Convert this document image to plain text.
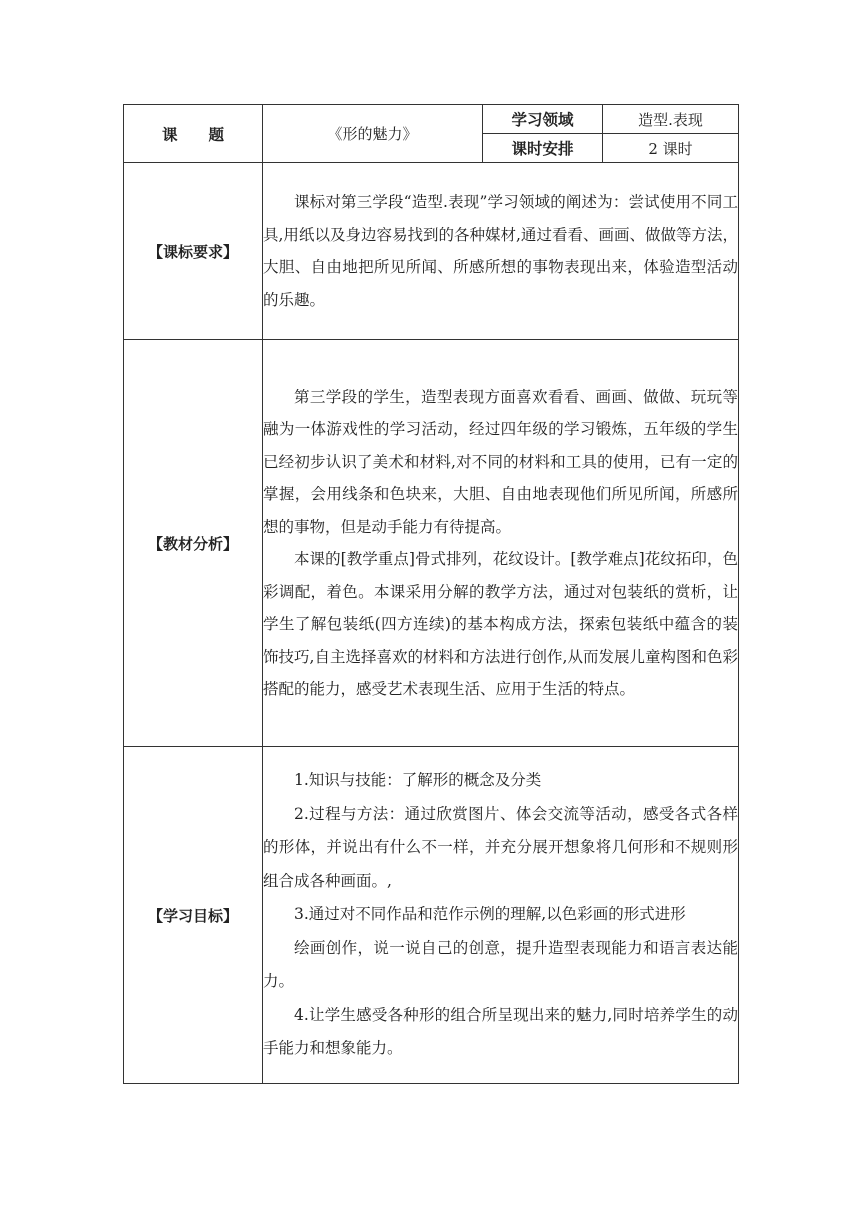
课　　题	《形的魅力》	学习领域	造型.表现
		课时安排	2 课时
【课标要求】	课标对第三学段“造型.表现”学习领域的阐述为：尝试使用不同工具,用纸以及身边容易找到的各种媒材,通过看看、画画、做做等方法，大胆、自由地把所见所闻、所感所想的事物表现出来，体验造型活动的乐趣。		

【教材分析】	第三学段的学生，造型表现方面喜欢看看、画画、做做、玩玩等融为一体游戏性的学习活动，经过四年级的学习锻炼，五年级的学生已经初步认识了美术和材料,对不同的材料和工具的使用，已有一定的掌握，会用线条和色块来，大胆、自由地表现他们所见所闻，所感所想的事物，但是动手能力有待提高。

本课的[教学重点]骨式排列，花纹设计。[教学难点]花纹拓印，色彩调配，着色。本课采用分解的教学方法，通过对包装纸的赏析，让学生了解包装纸(四方连续)的基本构成方法，探索包装纸中蕴含的装饰技巧,自主选择喜欢的材料和方法进行创作,从而发展儿童构图和色彩搭配的能力，感受艺术表现生活、应用于生活的特点。		

【学习目标】	1.知识与技能：了解形的概念及分类

2.过程与方法：通过欣赏图片、体会交流等活动，感受各式各样的形体，并说出有什么不一样，并充分展开想象将几何形和不规则形组合成各种画面。,

3.通过对不同作品和范作示例的理解,以色彩画的形式进形

绘画创作，说一说自己的创意，提升造型表现能力和语言表达能力。

4.让学生感受各种形的组合所呈现出来的魅力,同时培养学生的动手能力和想象能力。		
